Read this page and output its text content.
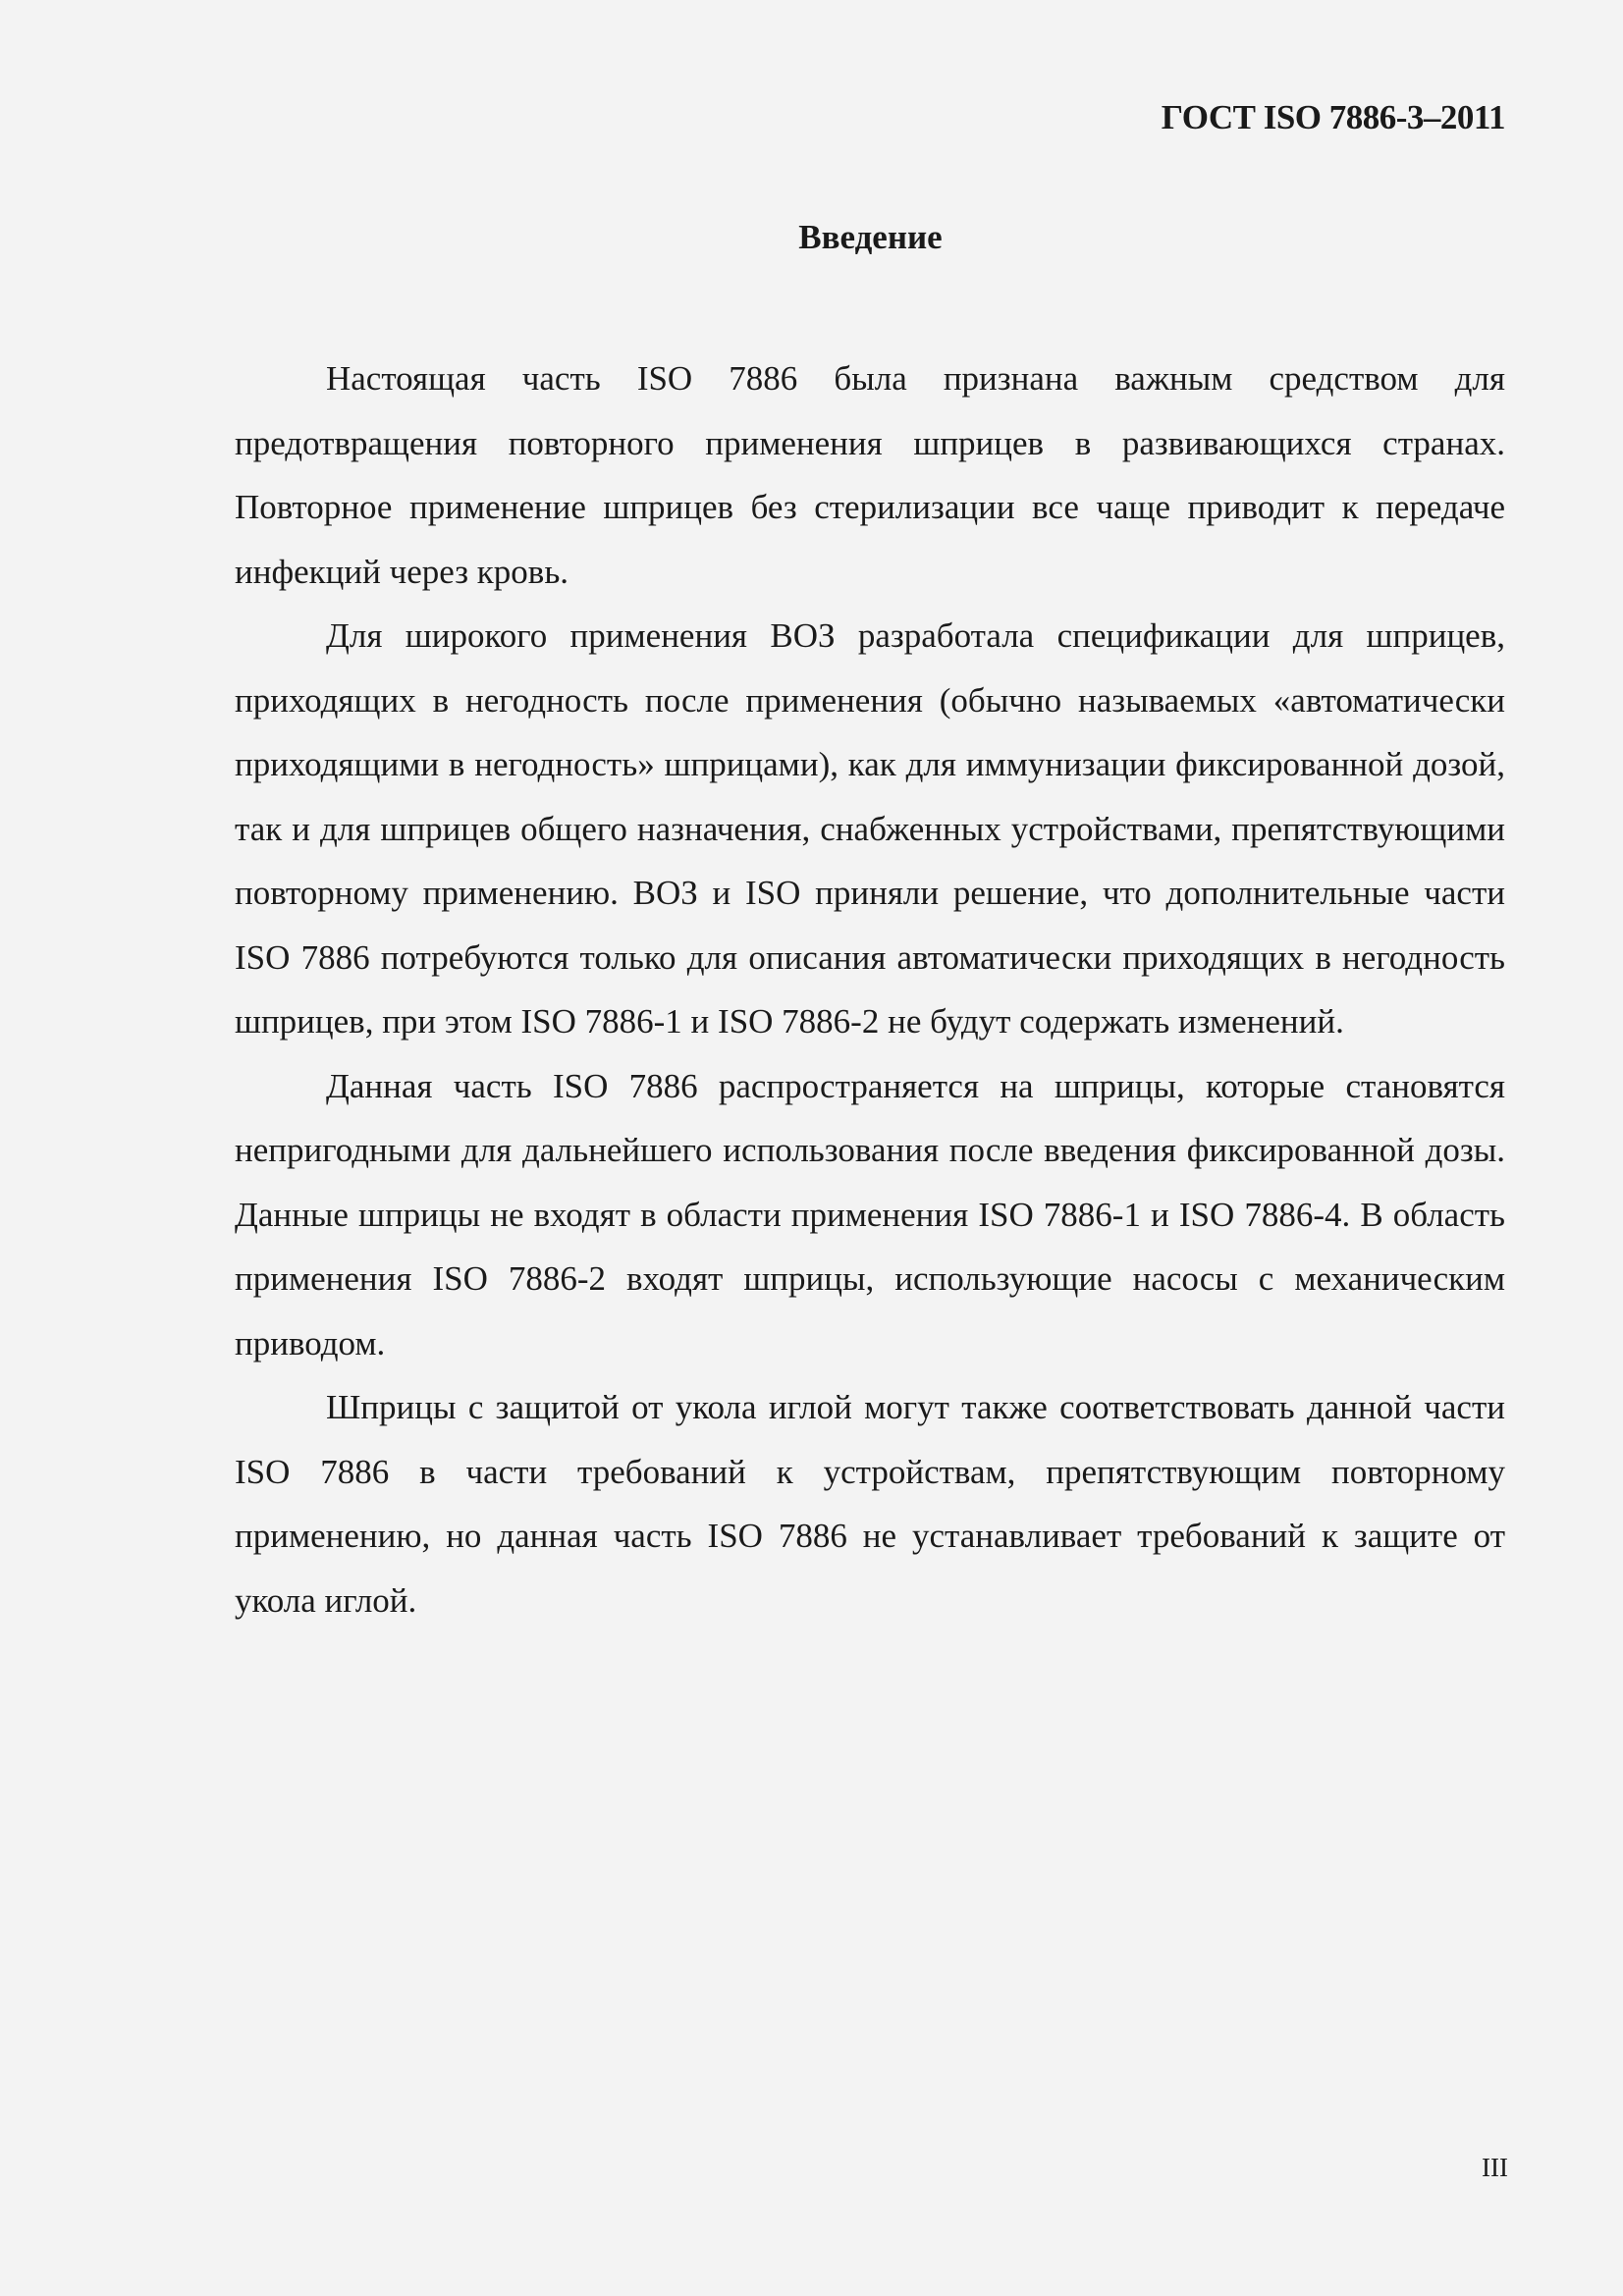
ГОСТ ISO 7886-3–2011
Введение

Настоящая часть ISO 7886 была признана важным средством для предотвращения повторного применения шприцев в развивающихся странах. Повторное применение шприцев без стерилизации все чаще приводит к передаче инфекций через кровь.

Для широкого применения ВОЗ разработала спецификации для шприцев, приходящих в негодность после применения (обычно называемых «автоматически приходящими в негодность» шприцами), как для иммунизации фиксированной дозой, так и для шприцев общего назначения, снабженных устройствами, препятствующими повторному применению. ВОЗ и ISO приняли решение, что дополнительные части ISO 7886 потребуются только для описания автоматически приходящих в негодность шприцев, при этом ISO 7886-1 и ISO 7886-2 не будут содержать изменений.

Данная часть ISO 7886 распространяется на шприцы, которые становятся непригодными для дальнейшего использования после введения фиксированной дозы. Данные шприцы не входят в области применения ISO 7886-1 и ISO 7886-4. В область применения ISO 7886-2 входят шприцы, использующие насосы с механическим приводом.

Шприцы с защитой от укола иглой могут также соответствовать данной части ISO 7886 в части требований к устройствам, препятствующим повторному применению, но данная часть ISO 7886 не устанавливает требований к защите от укола иглой.

III
